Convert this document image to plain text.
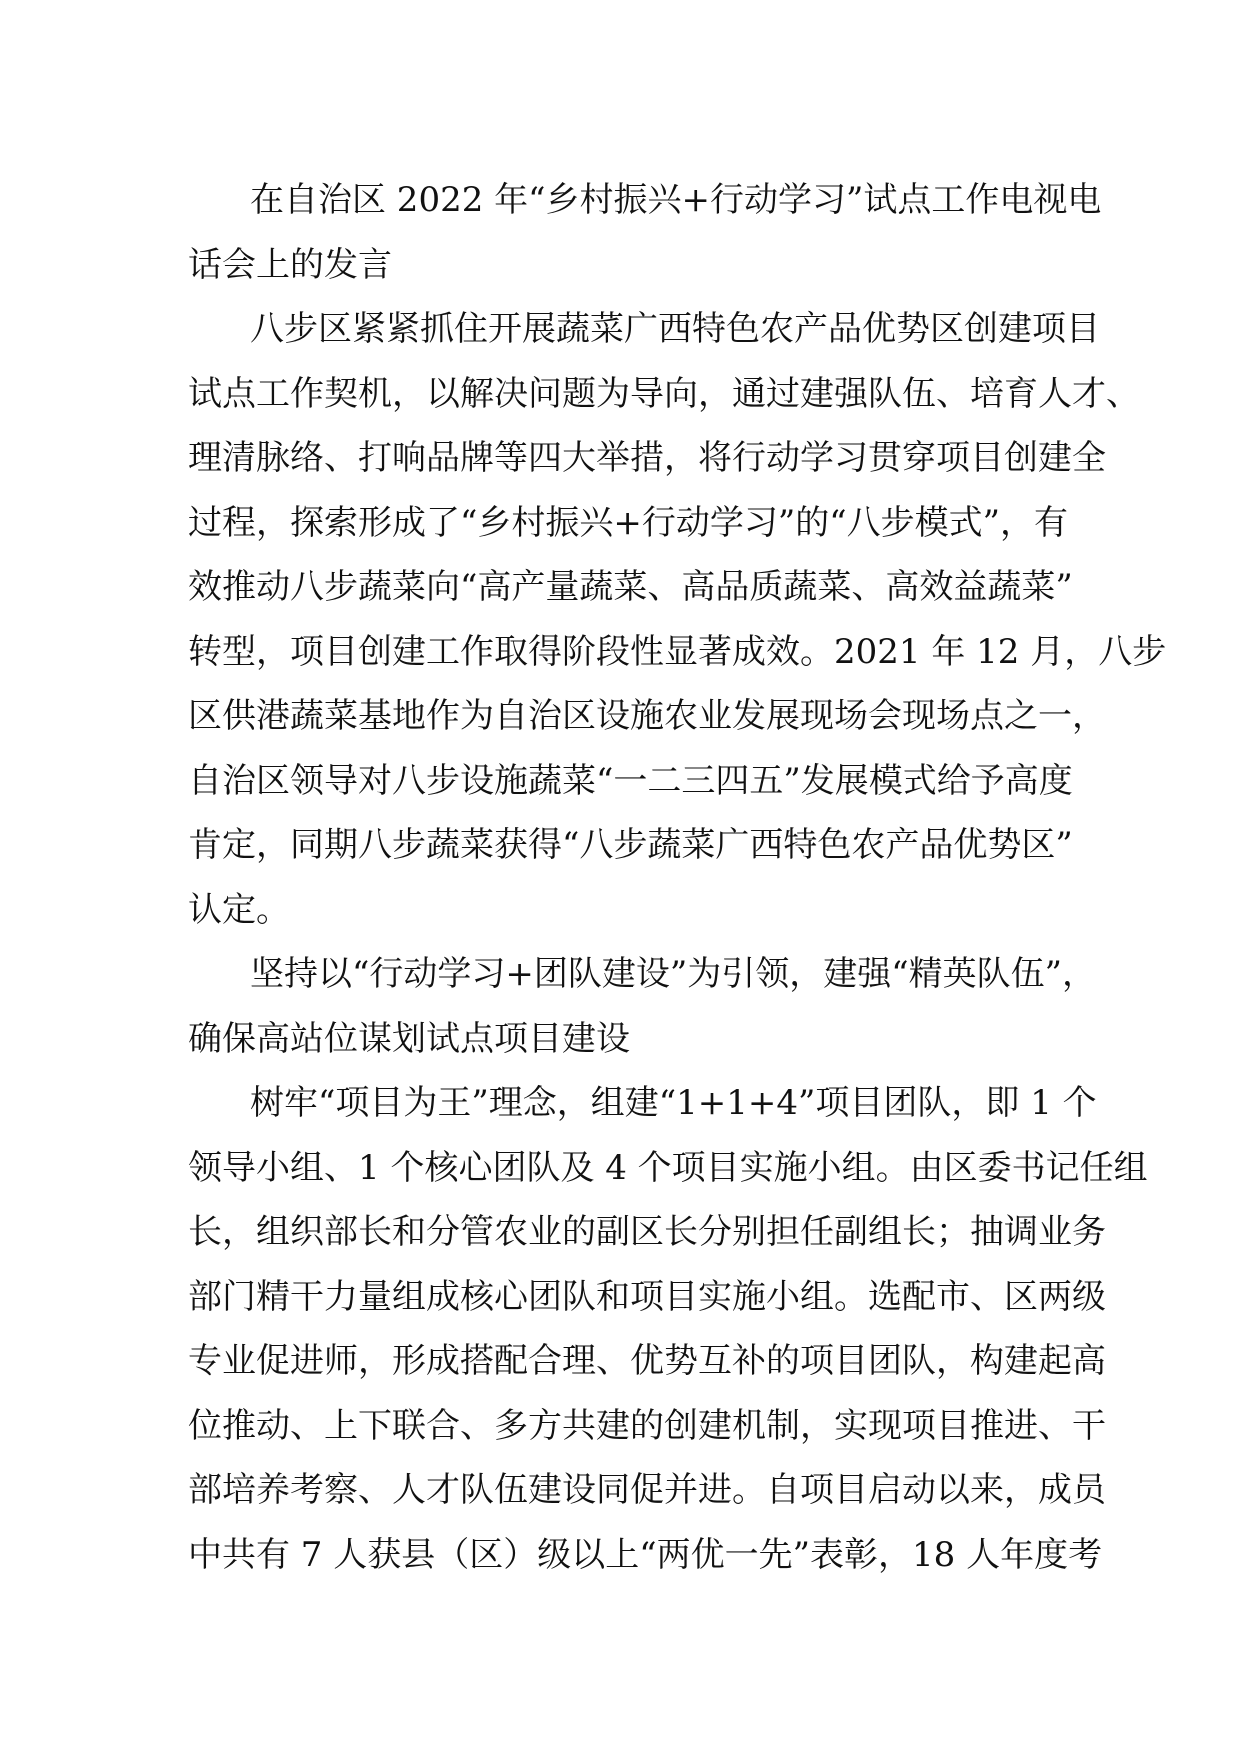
在自治区 2022 年“乡村振兴+行动学习”试点工作电视电

话会上的发言

八步区紧紧抓住开展蔬菜广西特色农产品优势区创建项目

试点工作契机，以解决问题为导向，通过建强队伍、培育人才、

理清脉络、打响品牌等四大举措，将行动学习贯穿项目创建全

过程，探索形成了“乡村振兴+行动学习”的“八步模式”，有

效推动八步蔬菜向“高产量蔬菜、高品质蔬菜、高效益蔬菜”

转型，项目创建工作取得阶段性显著成效。2021 年 12 月，八步

区供港蔬菜基地作为自治区设施农业发展现场会现场点之一，

自治区领导对八步设施蔬菜“一二三四五”发展模式给予高度

肯定，同期八步蔬菜获得“八步蔬菜广西特色农产品优势区”

认定。

坚持以“行动学习+团队建设”为引领，建强“精英队伍”，

确保高站位谋划试点项目建设

树牢“项目为王”理念，组建“1+1+4”项目团队，即 1 个

领导小组、1 个核心团队及 4 个项目实施小组。由区委书记任组

长，组织部长和分管农业的副区长分别担任副组长；抽调业务

部门精干力量组成核心团队和项目实施小组。选配市、区两级

专业促进师，形成搭配合理、优势互补的项目团队，构建起高

位推动、上下联合、多方共建的创建机制，实现项目推进、干

部培养考察、人才队伍建设同促并进。自项目启动以来，成员

中共有 7 人获县（区）级以上“两优一先”表彰，18 人年度考
